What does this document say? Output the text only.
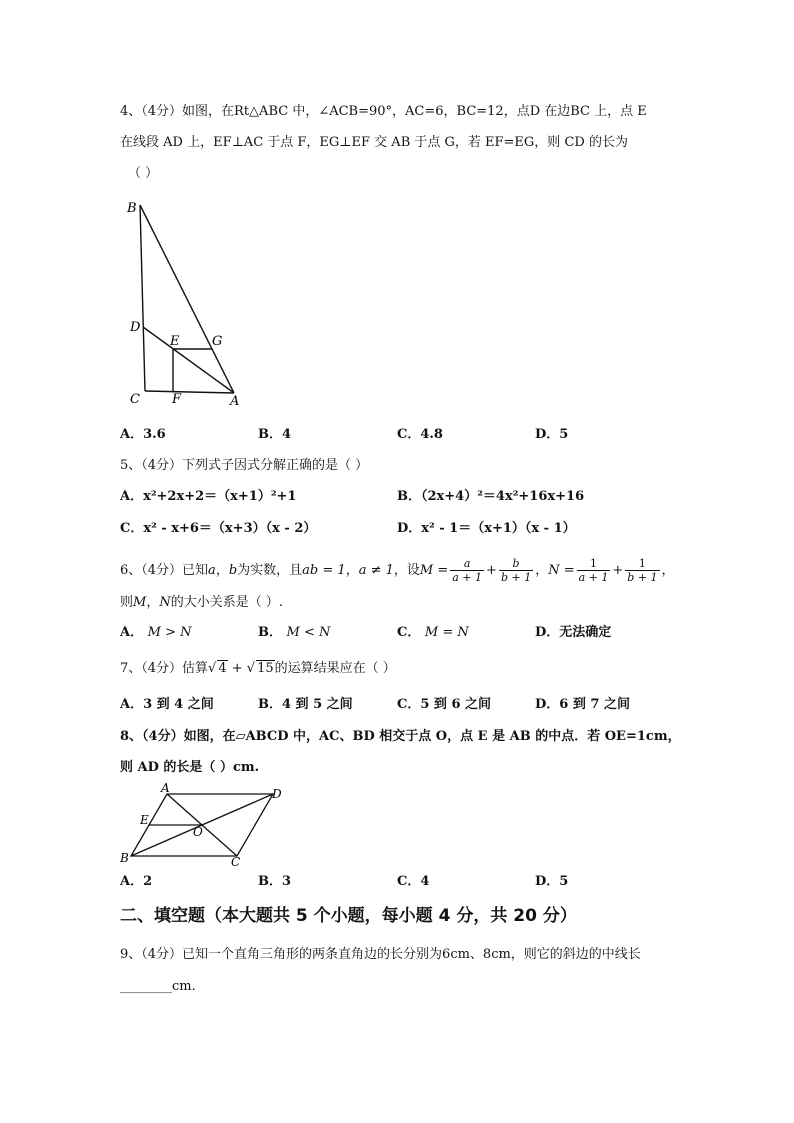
4、（4分）如图，在Rt△ABC 中，∠ACB=90°，AC=6，BC=12，点D 在边BC 上，点 E
在线段 AD 上，EF⊥AC 于点 F，EG⊥EF 交 AB 于点 G，若 EF=EG，则 CD 的长为
（ ）
B
D
E	G
C F	A
A．3.6	B．4	C．4.8	D．5
5、（4分）下列式子因式分解正确的是（ ）
A．x²+2x+2＝（x+1）²+1	B．（2x+4）²＝4x²+16x+16
C．x² - x+6＝（x+3）（x - 2）	D．x² - 1＝（x+1）（x - 1）
6、（4分）已知a，b为实数，且ab = 1，a ≠ 1，设$M = \frac{a}{a + 1} + \frac{b}{b + 1}$ ，$N = \frac{1}{a + 1} + \frac{1}{b + 1}$ ，
则M，N的大小关系是（ ）.
A． M > N	B． M < N	C． M = N	D．无法确定
7、（4分）估算√ 4 + √ 15的运算结果应在（ ）
A．3 到 4 之间	B．4 到 5 之间	C．5 到 6 之间	D．6 到 7 之间
8、（4分）如图，在▱ABCD 中，AC、BD 相交于点 O，点 E 是 AB 的中点．若 OE=1cm，
则 AD 的长是（ ）cm.
A	D
E
O
B	C
A．2	B．3	C．4	D．5
二、填空题（本大题共 5 个小题，每小题 4 分，共 20 分）
9、（4分）已知一个直角三角形的两条直角边的长分别为6cm、8cm，则它的斜边的中线长
________cm.
